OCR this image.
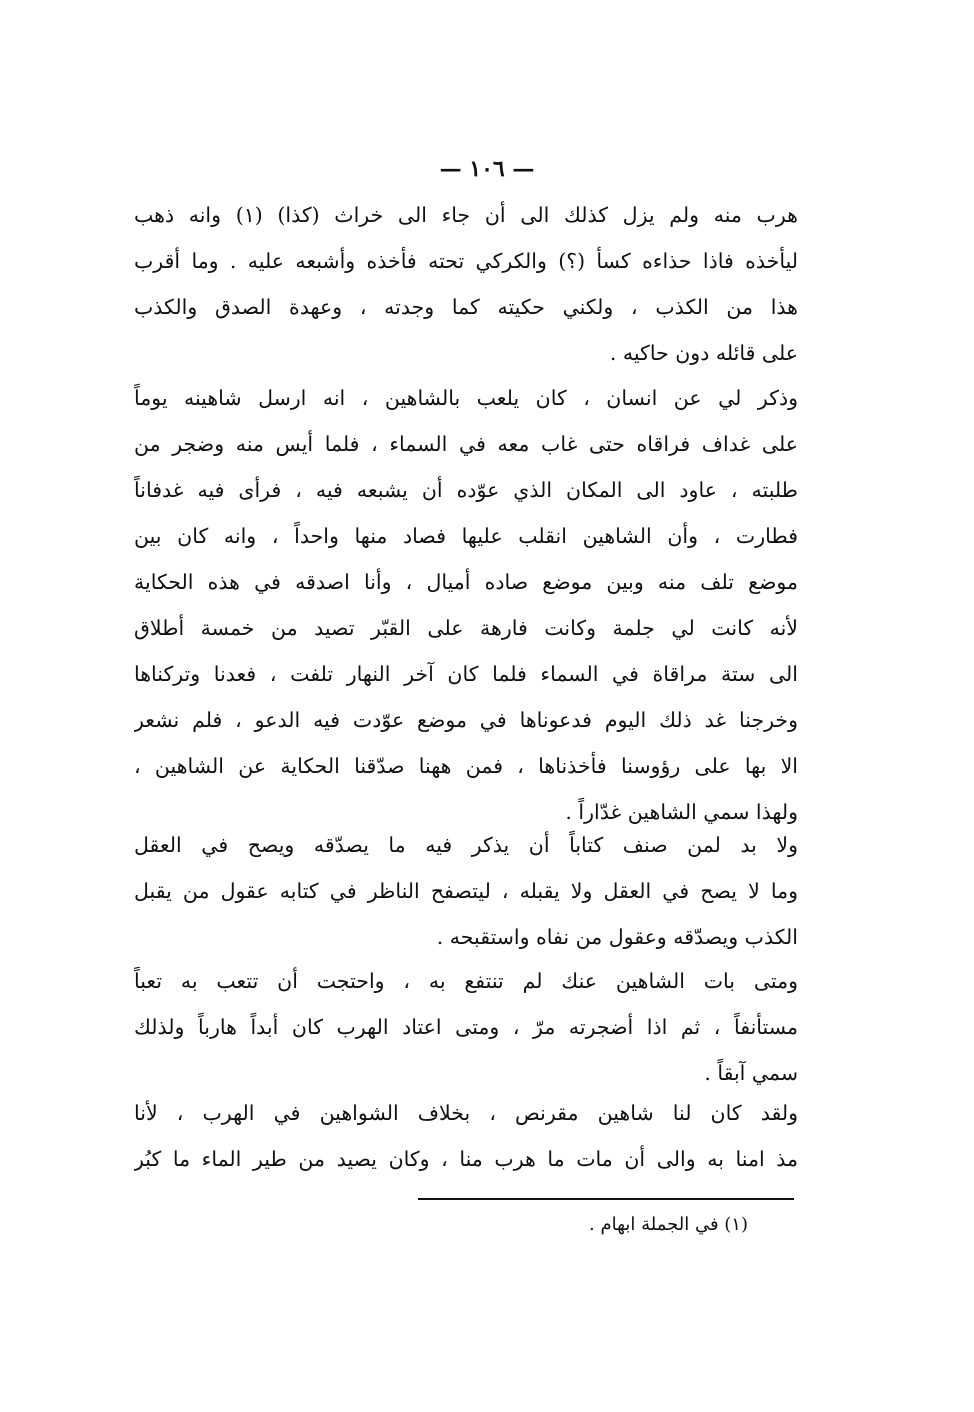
— ١٠٦ —
هرب منه ولم يزل كذلك الى أن جاء الى خراث (كذا) (١) وانه ذهب
ليأخذه فاذا حذاءه كسأ (؟) والكركي تحته فأخذه وأشبعه عليه . وما أقرب
هذا من الكذب ، ولكني حكيته كما وجدته ، وعهدة الصدق والكذب
على قائله دون حاكيه .
وذكر لي عن انسان ، كان يلعب بالشاهين ، انه ارسل شاهينه يوماً
على غداف فراقاه حتى غاب معه في السماء ، فلما أيس منه وضجر من
طلبته ، عاود الى المكان الذي عوّده أن يشبعه فيه ، فرأى فيه غدفاناً
فطارت ، وأن الشاهين انقلب عليها فصاد منها واحداً ، وانه كان بين
موضع تلف منه وبين موضع صاده أميال ، وأنا اصدقه في هذه الحكاية
لأنه كانت لي جلمة وكانت فارهة على القبّر تصيد من خمسة أطلاق
الى ستة مراقاة في السماء فلما كان آخر النهار تلفت ، فعدنا وتركناها
وخرجنا غد ذلك اليوم فدعوناها في موضع عوّدت فيه الدعو ، فلم نشعر
الا بها على رؤوسنا فأخذناها ، فمن ههنا صدّقنا الحكاية عن الشاهين ،
ولهذا سمي الشاهين غدّاراً .
ولا بد لمن صنف كتاباً أن يذكر فيه ما يصدّقه ويصح في العقل
وما لا يصح في العقل ولا يقبله ، ليتصفح الناظر في كتابه عقول من يقبل
الكذب ويصدّقه وعقول من نفاه واستقبحه .
ومتى بات الشاهين عنك لم تنتفع به ، واحتجت أن تتعب به تعباً
مستأنفاً ، ثم اذا أضجرته مرّ ، ومتى اعتاد الهرب كان أبداً هارباً ولذلك
سمي آبقاً .
ولقد كان لنا شاهين مقرنص ، بخلاف الشواهين في الهرب ، لأنا
مذ امنا به والى أن مات ما هرب منا ، وكان يصيد من طير الماء ما كبُر
(١) في الجملة ابهام .
